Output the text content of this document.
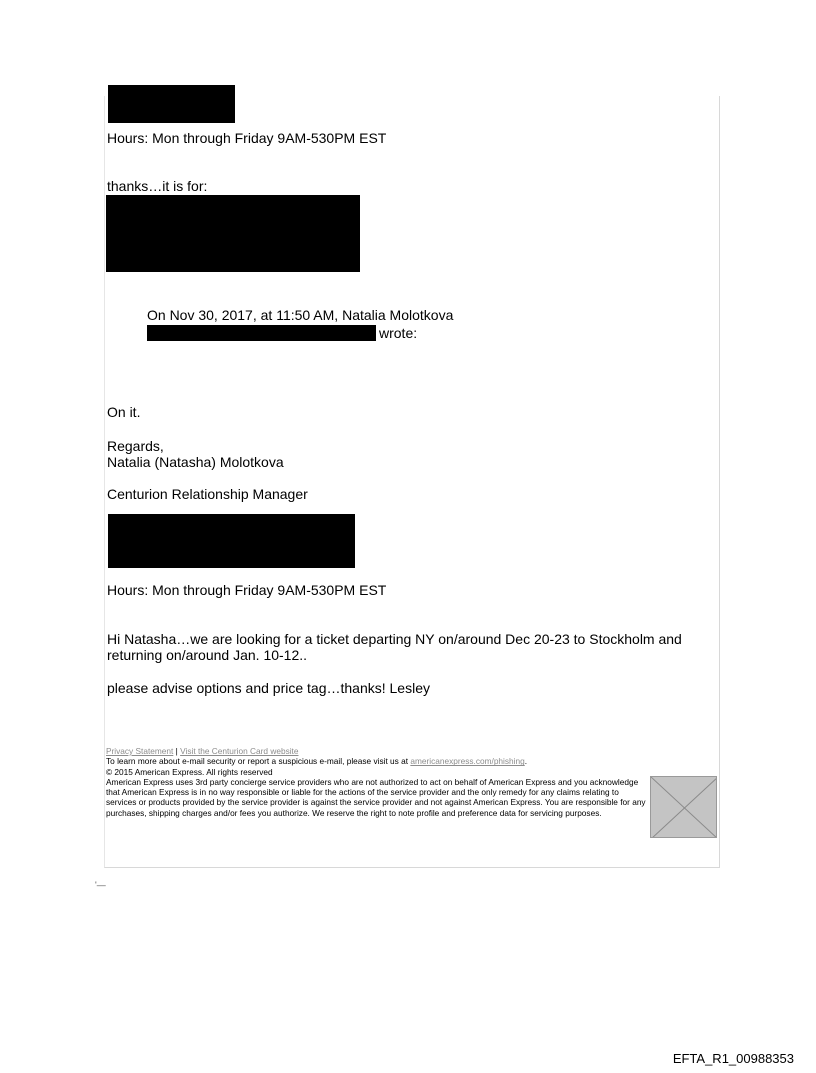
Hours: Mon through Friday 9AM-530PM EST
thanks…it is for:
On Nov 30, 2017, at 11:50 AM, Natalia Molotkova
wrote:
On it.
Regards,
Natalia (Natasha) Molotkova
Centurion Relationship Manager
Hours: Mon through Friday 9AM-530PM EST
Hi Natasha…we are looking for a ticket departing NY on/around Dec 20-23 to Stockholm and
returning on/around Jan. 10-12..
please advise options and price tag…thanks! Lesley

Privacy Statement | Visit the Centurion Card website

To learn more about e-mail security or report a suspicious e-mail, please visit us at americanexpress.com/phishing.

© 2015 American Express. All rights reserved

American Express uses 3rd party concierge service providers who are not authorized to act on behalf of American Express and you acknowledge that American Express is in no way responsible or liable for the actions of the service provider and the only remedy for any claims relating to services or products provided by the service provider is against the service provider and not against American Express. You are responsible for any purchases, shipping charges and/or fees you authorize. We reserve the right to note profile and preference data for servicing purposes.

'—
EFTA_R1_00988353
